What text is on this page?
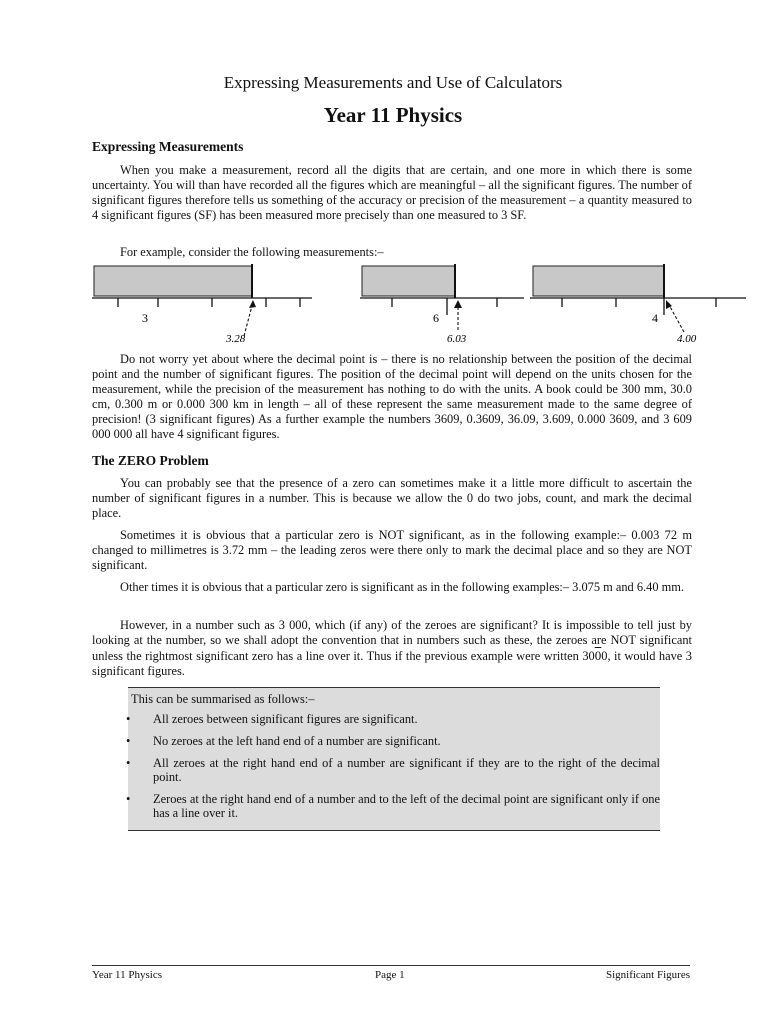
Expressing Measurements and Use of Calculators
Year 11 Physics
Expressing Measurements

When you make a measurement, record all the digits that are certain, and one more in which there is some uncertainty. You will than have recorded all the figures which are meaningful – all the significant figures. The number of significant figures therefore tells us something of the accuracy or precision of the measurement – a quantity measured to 4 significant figures (SF) has been measured more precisely than one measured to 3 SF.

For example, consider the following measurements:–

Do not worry yet about where the decimal point is – there is no relationship between the position of the decimal point and the number of significant figures. The position of the decimal point will depend on the units chosen for the measurement, while the precision of the measurement has nothing to do with the units. A book could be 300 mm, 30.0 cm, 0.300 m or 0.000 300 km in length – all of these represent the same measurement made to the same degree of precision! (3 significant figures) As a further example the numbers 3609, 0.3609, 36.09, 3.609, 0.000 3609, and 3 609 000 000 all have 4 significant figures.

The ZERO Problem

You can probably see that the presence of a zero can sometimes make it a little more difficult to ascertain the number of significant figures in a number. This is because we allow the 0 do two jobs, count, and mark the decimal place.

Sometimes it is obvious that a particular zero is NOT significant, as in the following example:– 0.003 72 m changed to millimetres is 3.72 mm – the leading zeros were there only to mark the decimal place and so they are NOT significant.

Other times it is obvious that a particular zero is significant as in the following examples:– 3.075 m and 6.40 mm.

However, in a number such as 3 000, which (if any) of the zeroes are significant? It is impossible to tell just by looking at the number, so we shall adopt the convention that in numbers such as these, the zeroes are NOT significant unless the rightmost significant zero has a line over it. Thus if the previous example were written 3000, it would have 3 significant figures.

3
3.28
6
6.03
4
4.00
This can be summarised as follows:–
• All zeroes between significant figures are significant.
• No zeroes at the left hand end of a number are significant.
• All zeroes at the right hand end of a number are significant if they are to the right of the decimal point.
• Zeroes at the right hand end of a number and to the left of the decimal point are significant only if one has a line over it.
Year 11 Physics	Page 1	Significant Figures
